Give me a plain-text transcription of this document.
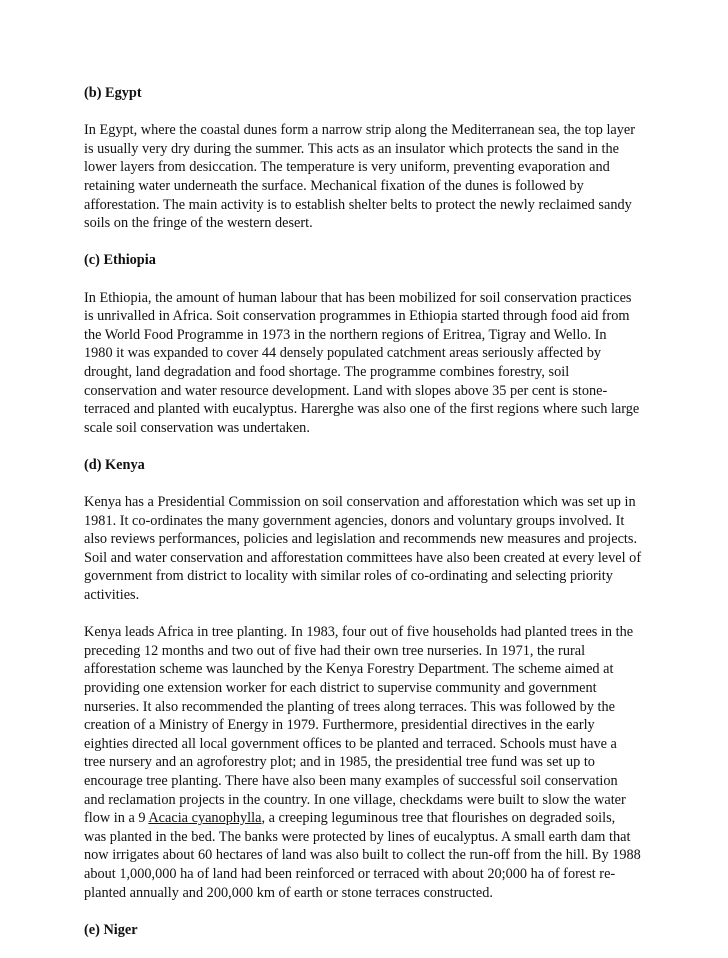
(b) Egypt
In Egypt, where the coastal dunes form a narrow strip along the Mediterranean sea, the top layer
is usually very dry during the summer. This acts as an insulator which protects the sand in the
lower layers from desiccation. The temperature is very uniform, preventing evaporation and
retaining water underneath the surface. Mechanical fixation of the dunes is followed by
afforestation. The main activity is to establish shelter belts to protect the newly reclaimed sandy
soils on the fringe of the western desert.
(c) Ethiopia
In Ethiopia, the amount of human labour that has been mobilized for soil conservation practices
is unrivalled in Africa. Soit conservation programmes in Ethiopia started through food aid from
the World Food Programme in 1973 in the northern regions of Eritrea, Tigray and Wello. In
1980 it was expanded to cover 44 densely populated catchment areas seriously affected by
drought, land degradation and food shortage. The programme combines forestry, soil
conservation and water resource development. Land with slopes above 35 per cent is stone-
terraced and planted with eucalyptus. Harerghe was also one of the first regions where such large
scale soil conservation was undertaken.
(d) Kenya
Kenya has a Presidential Commission on soil conservation and afforestation which was set up in
1981. It co-ordinates the many government agencies, donors and voluntary groups involved. It
also reviews performances, policies and legislation and recommends new measures and projects.
Soil and water conservation and afforestation committees have also been created at every level of
government from district to locality with similar roles of co-ordinating and selecting priority
activities.
Kenya leads Africa in tree planting. In 1983, four out of five households had planted trees in the
preceding 12 months and two out of five had their own tree nurseries. In 1971, the rural
afforestation scheme was launched by the Kenya Forestry Department. The scheme aimed at
providing one extension worker for each district to supervise community and government
nurseries. It also recommended the planting of trees along terraces. This was followed by the
creation of a Ministry of Energy in 1979. Furthermore, presidential directives in the early
eighties directed all local government offices to be planted and terraced. Schools must have a
tree nursery and an agroforestry plot; and in 1985, the presidential tree fund was set up to
encourage tree planting. There have also been many examples of successful soil conservation
and reclamation projects in the country. In one village, checkdams were built to slow the water
flow in a 9 Acacia cyanophylla, a creeping leguminous tree that flourishes on degraded soils,
was planted in the bed. The banks were protected by lines of eucalyptus. A small earth dam that
now irrigates about 60 hectares of land was also built to collect the run-off from the hill. By 1988
about 1,000,000 ha of land had been reinforced or terraced with about 20;000 ha of forest re-
planted annually and 200,000 km of earth or stone terraces constructed.
(e) Niger
